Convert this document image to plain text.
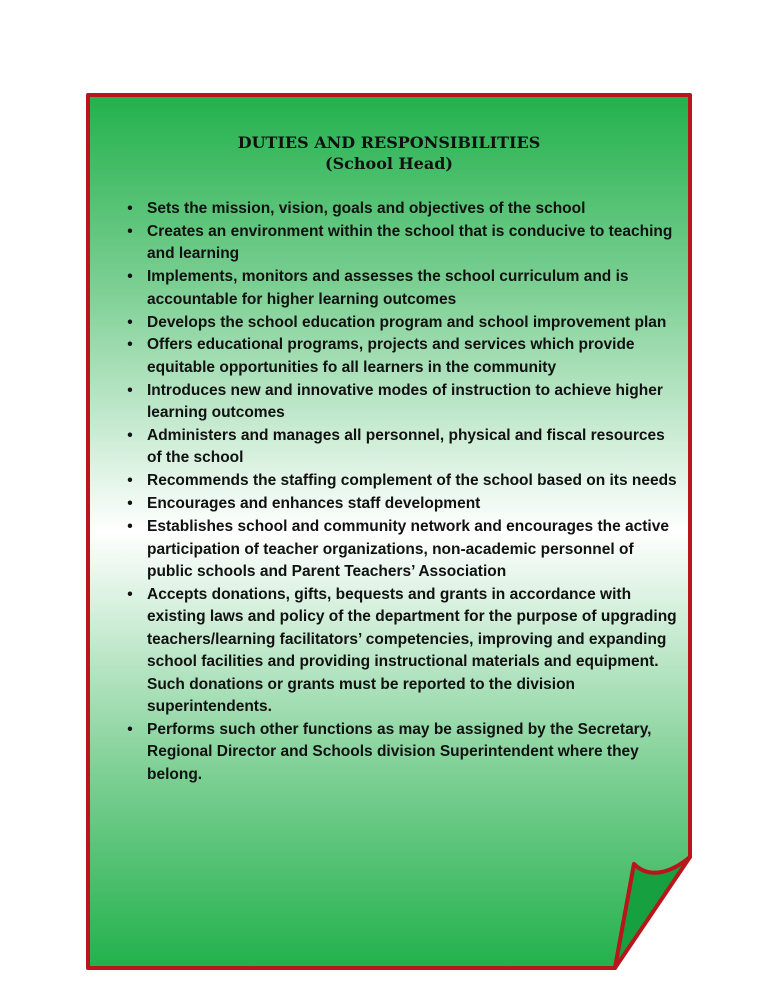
DUTIES AND RESPONSIBILITIES
(School Head)
• Sets the mission, vision, goals and objectives of the school
• Creates an environment within the school that is conducive to teaching and learning
• Implements, monitors and assesses the school curriculum and is accountable for higher learning outcomes
• Develops the school education program and school improvement plan
• Offers educational programs, projects and services which provide equitable opportunities fo all learners in the community
• Introduces new and innovative modes of instruction to achieve higher learning outcomes
• Administers and manages all personnel, physical and fiscal resources of the school
• Recommends the staffing complement of the school based on its needs
• Encourages and enhances staff development
• Establishes school and community network and encourages the active participation of teacher organizations, non-academic personnel of public schools and Parent Teachers’ Association
• Accepts donations, gifts, bequests and grants in accordance with existing laws and policy of the department for the purpose of upgrading teachers/learning facilitators’ competencies, improving and expanding school facilities and providing instructional materials and equipment. Such donations or grants must be reported to the division superintendents.
• Performs such other functions as may be assigned by the Secretary, Regional Director and Schools division Superintendent where they belong.
